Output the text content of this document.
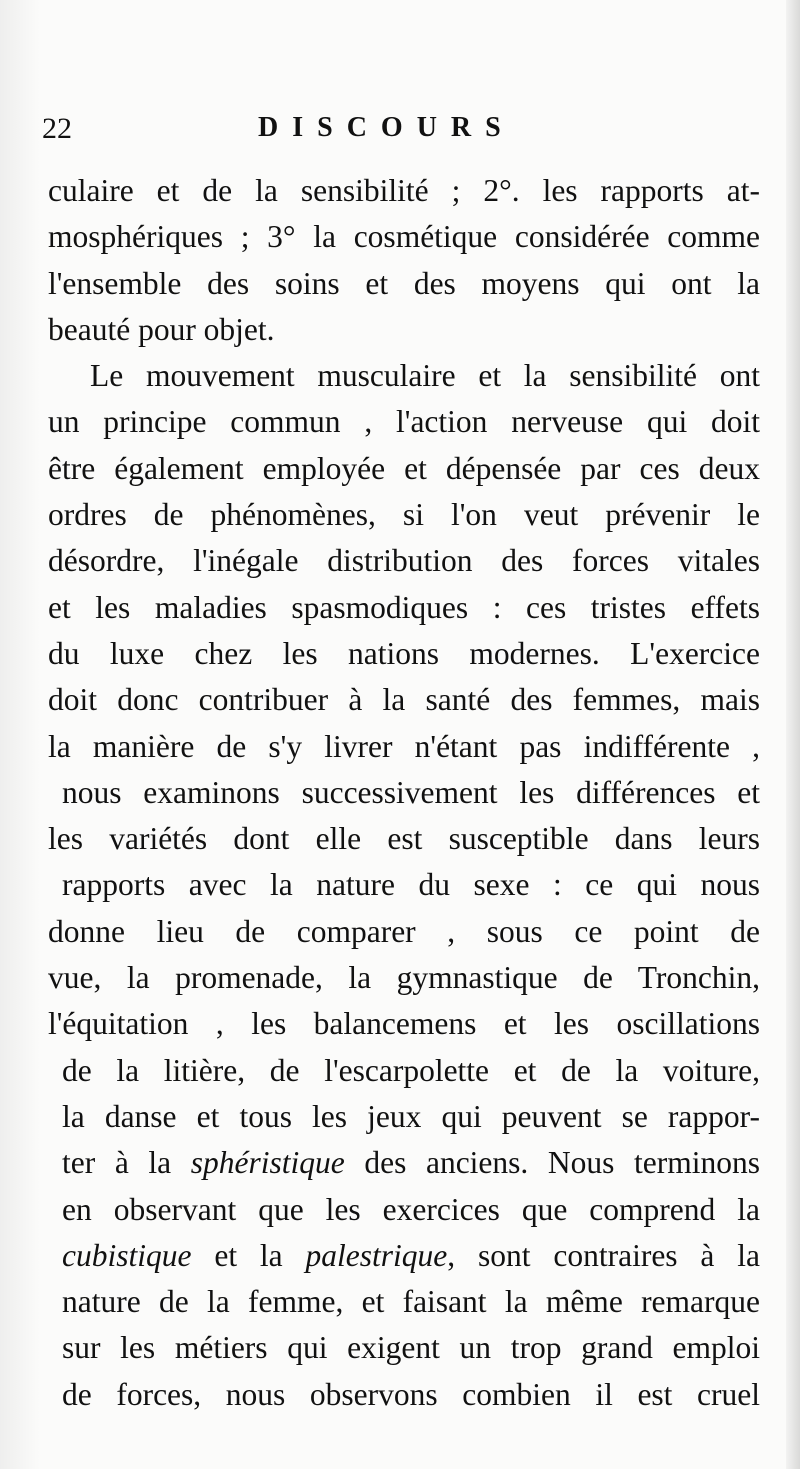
22	DISCOURS
culaire et de la sensibilité ; 2°. les rapports at-
mosphériques ; 3° la cosmétique considérée comme
l'ensemble des soins et des moyens qui ont la
beauté pour objet.
Le mouvement musculaire et la sensibilité ont
un principe commun , l'action nerveuse qui doit
être également employée et dépensée par ces deux
ordres de phénomènes, si l'on veut prévenir le
désordre, l'inégale distribution des forces vitales
et les maladies spasmodiques : ces tristes effets
du luxe chez les nations modernes. L'exercice
doit donc contribuer à la santé des femmes, mais
la manière de s'y livrer n'étant pas indifférente ,
nous examinons successivement les différences et
les variétés dont elle est susceptible dans leurs
rapports avec la nature du sexe : ce qui nous
donne lieu de comparer , sous ce point de
vue, la promenade, la gymnastique de Tronchin,
l'équitation , les balancemens et les oscillations
de la litière, de l'escarpolette et de la voiture,
la danse et tous les jeux qui peuvent se rappor-
ter à la sphéristique des anciens. Nous terminons
en observant que les exercices que comprend la
cubistique et la palestrique, sont contraires à la
nature de la femme, et faisant la même remarque
sur les métiers qui exigent un trop grand emploi
de forces, nous observons combien il est cruel
